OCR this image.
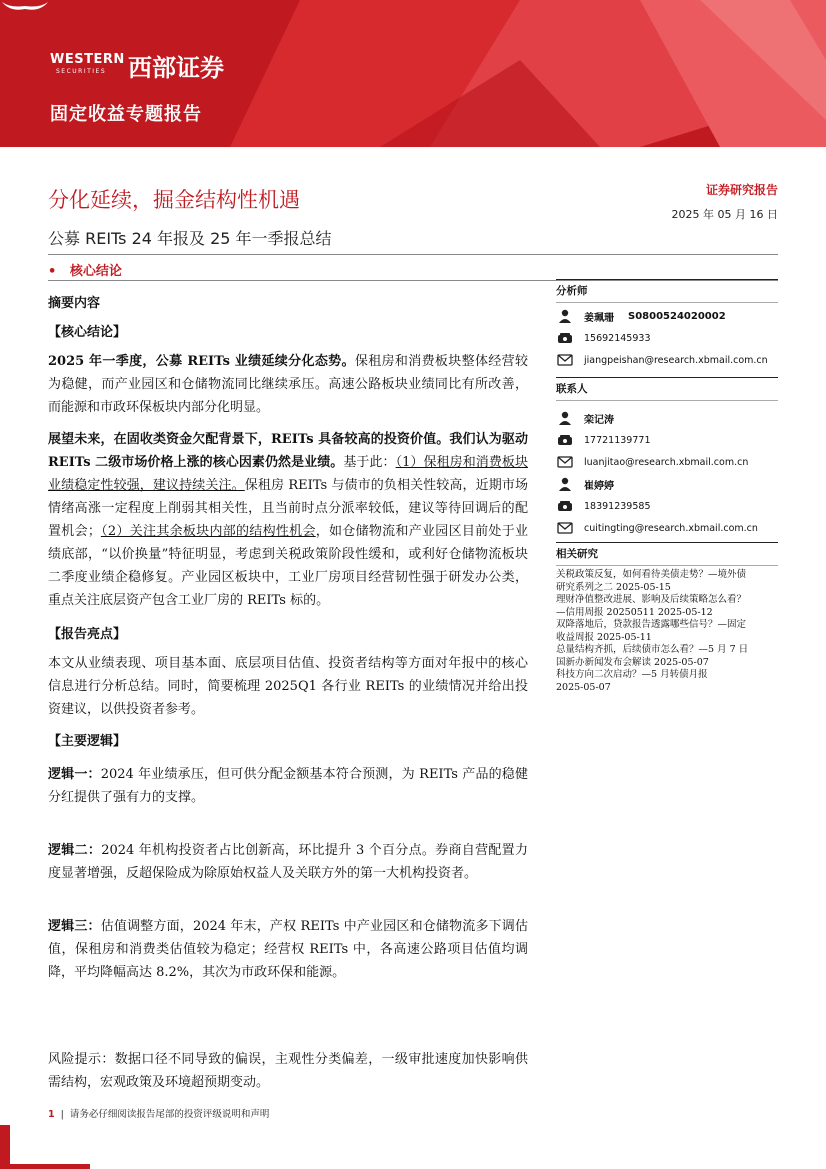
WESTERN
SECURITIES 西部证券
固定收益专题报告
分化延续，掘金结构性机遇
公募 REITs 24 年报及 25 年一季报总结
证券研究报告
2025 年 05 月 16 日
•   核心结论

摘要内容

【核心结论】

2025 年一季度，公募 REITs 业绩延续分化态势。保租房和消费板块整体经营较为稳健，而产业园区和仓储物流同比继续承压。高速公路板块业绩同比有所改善，而能源和市政环保板块内部分化明显。

展望未来，在固收类资金欠配背景下，REITs 具备较高的投资价值。我们认为驱动 REITs 二级市场价格上涨的核心因素仍然是业绩。基于此：（1）保租房和消费板块业绩稳定性较强，建议持续关注。保租房 REITs 与债市的负相关性较高，近期市场情绪高涨一定程度上削弱其相关性，且当前时点分派率较低，建议等待回调后的配置机会；（2）关注其余板块内部的结构性机会，如仓储物流和产业园区目前处于业绩底部，“以价换量”特征明显，考虑到关税政策阶段性缓和，或利好仓储物流板块二季度业绩企稳修复。产业园区板块中，工业厂房项目经营韧性强于研发办公类，重点关注底层资产包含工业厂房的 REITs 标的。

【报告亮点】

本文从业绩表现、项目基本面、底层项目估值、投资者结构等方面对年报中的核心信息进行分析总结。同时，简要梳理 2025Q1 各行业 REITs 的业绩情况并给出投资建议，以供投资者参考。

【主要逻辑】

逻辑一：2024 年业绩承压，但可供分配金额基本符合预测，为 REITs 产品的稳健分红提供了强有力的支撑。

逻辑二：2024 年机构投资者占比创新高，环比提升 3 个百分点。券商自营配置力度显著增强，反超保险成为除原始权益人及关联方外的第一大机构投资者。

逻辑三：估值调整方面，2024 年末，产权 REITs 中产业园区和仓储物流多下调估值，保租房和消费类估值较为稳定；经营权 REITs 中，各高速公路项目估值均调降，平均降幅高达 8.2%，其次为市政环保和能源。

风险提示：数据口径不同导致的偏误，主观性分类偏差，一级审批速度加快影响供需结构，宏观政策及环境超预期变动。
分析师
姜珮珊 S0800524020002
15692145933
jiangpeishan@research.xbmail.com.cn
联系人
栾记涛
17721139771
luanjitao@research.xbmail.com.cn
崔婷婷
18391239585
cuitingting@research.xbmail.com.cn
相关研究

关税政策反复，如何看待美债走势？—境外债

研究系列之二 2025-05-15

理财净值整改进展、影响及后续策略怎么看？

—信用周报 20250511 2025-05-12

双降落地后，贷款报告透露哪些信号？—固定

收益周报 2025-05-11

总量结构齐抓，后续债市怎么看？—5 月 7 日

国新办新闻发布会解读 2025-05-07

科技方向二次启动？—5 月转债月报

2025-05-07

1 |  请务必仔细阅读报告尾部的投资评级说明和声明
